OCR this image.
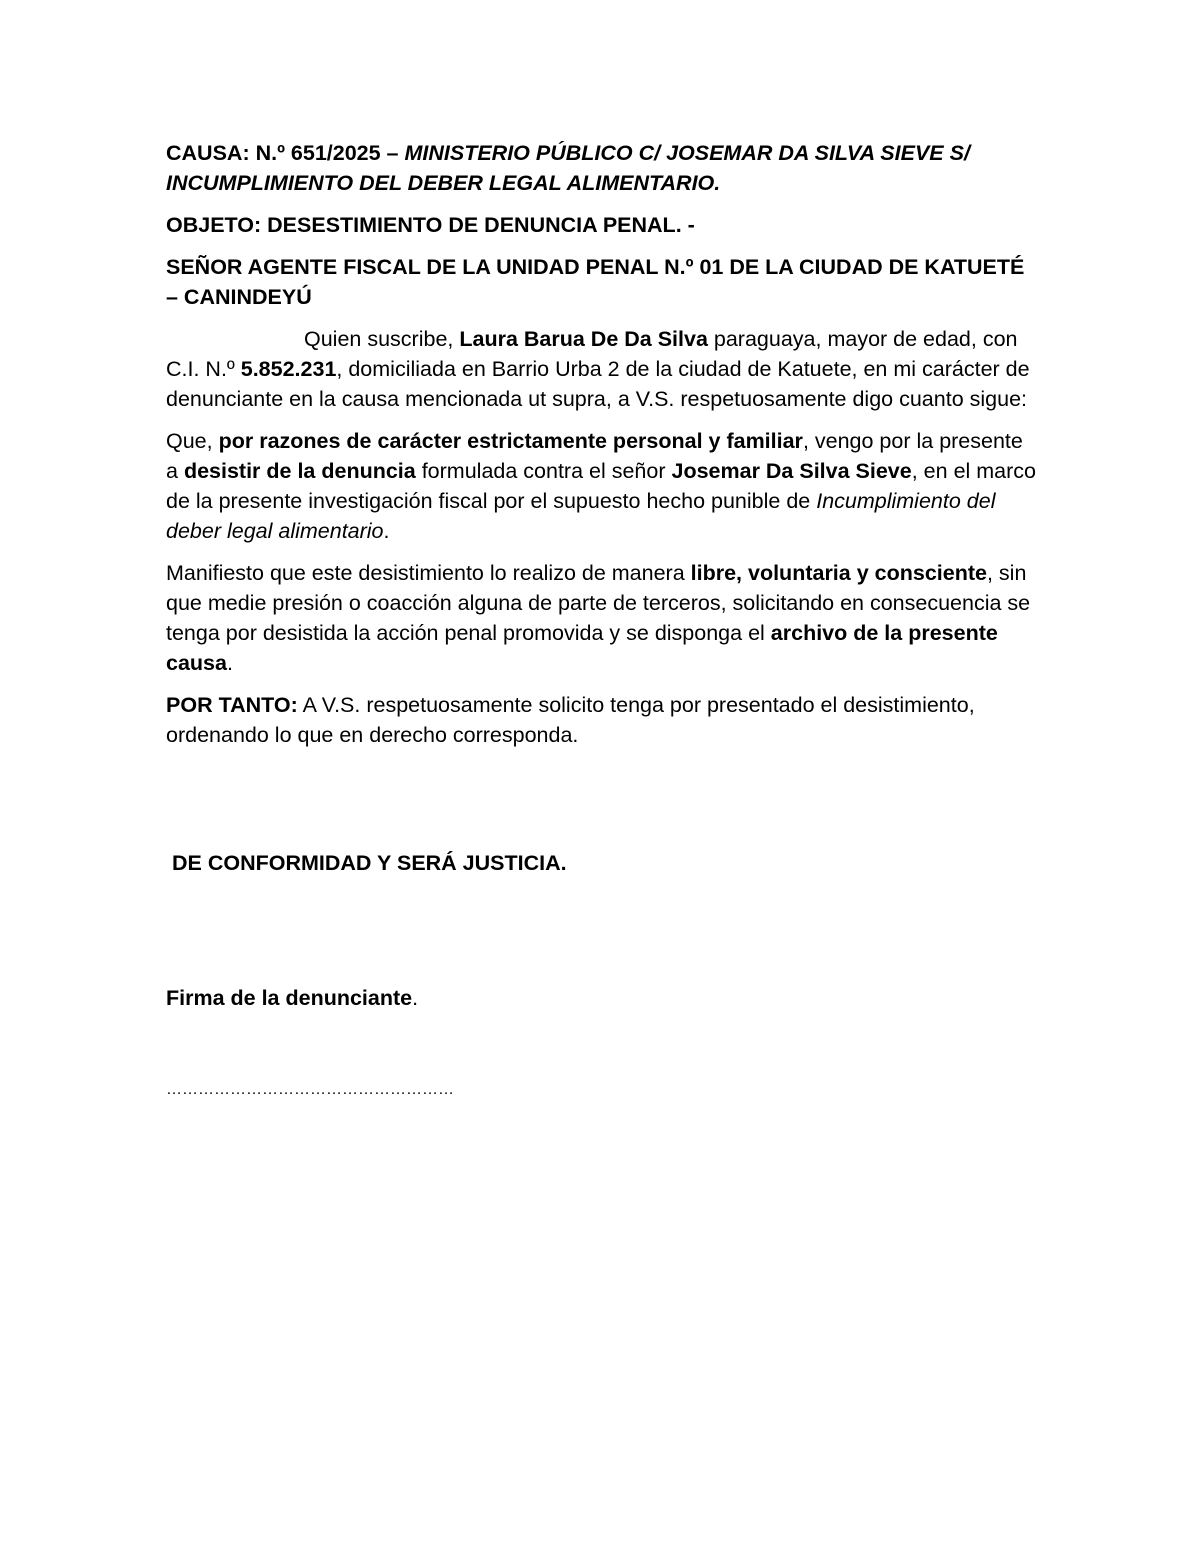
CAUSA: N.º 651/2025 – MINISTERIO PÚBLICO C/ JOSEMAR DA SILVA SIEVE S/ INCUMPLIMIENTO DEL DEBER LEGAL ALIMENTARIO.

OBJETO: DESESTIMIENTO DE DENUNCIA PENAL. -

SEÑOR AGENTE FISCAL DE LA UNIDAD PENAL N.º 01 DE LA CIUDAD DE KATUETÉ – CANINDEYÚ

Quien suscribe, Laura Barua De Da Silva paraguaya, mayor de edad, con C.I. N.º 5.852.231, domiciliada en Barrio Urba 2 de la ciudad de Katuete, en mi carácter de denunciante en la causa mencionada ut supra, a V.S. respetuosamente digo cuanto sigue:

Que, por razones de carácter estrictamente personal y familiar, vengo por la presente a desistir de la denuncia formulada contra el señor Josemar Da Silva Sieve, en el marco de la presente investigación fiscal por el supuesto hecho punible de Incumplimiento del deber legal alimentario.

Manifiesto que este desistimiento lo realizo de manera libre, voluntaria y consciente, sin que medie presión o coacción alguna de parte de terceros, solicitando en consecuencia se tenga por desistida la acción penal promovida y se disponga el archivo de la presente causa.

POR TANTO: A V.S. respetuosamente solicito tenga por presentado el desistimiento, ordenando lo que en derecho corresponda.

DE CONFORMIDAD Y SERÁ JUSTICIA.
Firma de la denunciante.
………………………………………………
